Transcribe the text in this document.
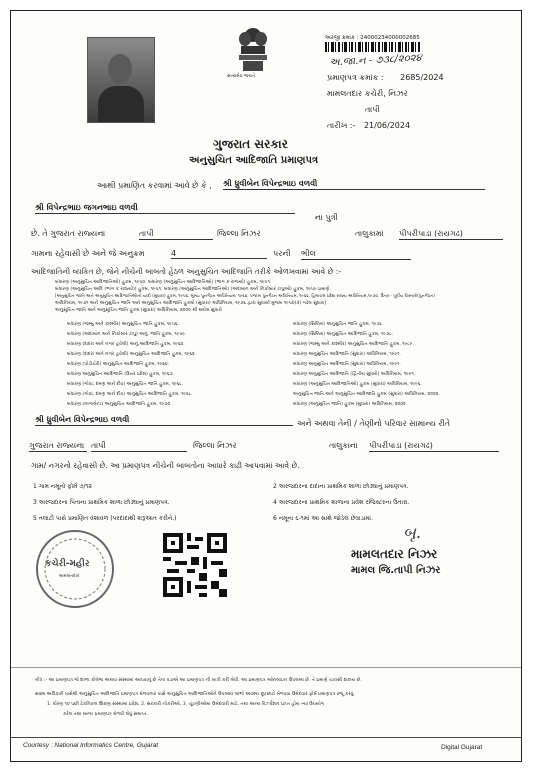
સત્યમેવ જયતે
અરજી ક્રમાંક : 24000234000002685
અ.જા.ન - ૭૩૮/૨૦૨૪
પ્રમાણપત્ર ક્રમાંક : 2685/2024
મામલતદાર કચેરી, નિઝર
તાપી
તારીખ :- 21/06/2024
ગુજરાત સરકાર
અનુસુચિત આદિજાતિ પ્રમાણપત્ર
આથી પ્રમાણિત કરવામાં આવે છે કે , શ્રી ધ્રુવીબેન વિપેન્દ્રભાઇ વળવી
શ્રી વિપેન્દ્રભાઇ જગનભાઇ વળવી
ના પુત્રી
છે. તે ગુજરાત રાજ્યના	તાપી	જિલ્લા નિઝર	તાલુકામાં પીપરીપાડા (રાયગઢ)
ગામના રહેવાસી છે અને જે અનુક્રમ	4	પરની ભીલ
આદિજાતિની વ્યકિત છે, જેને નીચેની બાબતો હેઠળ અનુસુચિત આદિજાતિ તરીકે ઓળખવામાં આવે છે :-
બંધારણ (અનુસુચિત આદિજાતિઓ) હુકમ, ૧૯૫૦. બંધારણ (અનુસુચિત આદિજાતિઓ) (ભાગ ક રાજયો) હુકમ, ૧૯૫૧.
બંધારણ (અનુસુચિત આદિ (ભાગ ક રાજ્યો)) હુકમ, ૧૯૫૧. બંધારણ (અનુસુચિત આદિજાતિઓ) (અંદામાન અને નિકોબાર ટાપુઓ) હુકમ, ૧૯૫૯ પ્રમાણે.
[અનુસુચિત જાતિ અને અનુસુચિત આદિજાતિઓની યાદી (સુધારા) હુકમ, ૧૯૫૬, મુંબઇ પુનર્ગઠન અધિનિયમ, ૧૯૬૦, પંજાબ પુનર્ગઠન અધિનિયમ, ૧૯૬૬, હિમાચલ પ્રદેશ રાજ્ય અધિનિયમ,૧૯૭૦, ઉત્તર - પૂર્વીય વિસ્તારો(પુનર્ગઠન)
અધિનિયમ, ૧૯૭૧ અને અનુસુચિત જાતિ અને અનુસુચિત આદિજાતિ હુકમો (સુધારા) અધિનિયમ, ૧૯૭૬ દ્વારા સુધાર્યા મુજબ ૧૯૫૦(4) ગઢેલ સુધારા]
અનુસૂચિત જાતિ અને અનુસૂચિત જાતિ હુકમ (સુધારા) અધિનિયમ, ૨૦૦૨ થી થયેલ સુધારો
બંધારણ (જમ્મુ અને કાશ્મીર) અનુસુચિત જાતિ હુકમ, ૧૯૫૬.
બંધારણ (અંદામાન અને નિકોબાર ટાપુ) અનુ. જાતિ હુકમ, ૧૯૫૯.
બંધારણ (દાદરા અને નગર હવેલી) અનુ.આદિજાતિ હુકમ, ૧૯૬૨.
બંધારણ (દાદરા અને નગર હવેલી) અનુસુચિત આદિજાતિ હુકમ, ૧૯૬૨.
બંધારણ (પોંડીચેરી) અનુસુચિત આદિજાતિ હુકમ, ૧૯૬૪.
બંધારણ અનુસુચિત આદિજાતિ (ઉત્તર પ્રદેશ) હુકમ, ૧૯૬૭.
બંધારણ (ગોવા, દમણ અને દીવ) અનુસુચિત જાતિ હુકમ, ૧૯૬૮.
બંધારણ (ગોવા, દમણ અને દીવ) અનુસુચિત આદિજાતિ હુકમ, ૧૯૬૮.
બંધારણ (નાગાલેન્ડ) અનુસુચિત આદિજાતિ હુકમ, ૧૯૭૦.
બંધારણ (સિક્કિમ) અનુસુચિત જાતિ હુકમ, ૧૯૭૮.
બંધારણ (સિક્કિમ) અનુસુચિત આદિજાતિ હુકમ, ૧૯૭૮.
બંધારણ (જમ્મુ અને કાશ્મીર) અનુસુચિત આદિજાતિ હુકમ, ૧૯૮૯.
બંધારણ અનુસુચિત આદિજાતિ (સુધારા) અધિનિયમ, ૧૯૯૧.
બંધારણ અનુસુચિત આદિજાતિ (સુધારા) અધિનિયમ, ૧૯૯૧.
બંધારણ અનુસુચિત આદિજાતિ (દ્વિતીય સુધારો) અધિનિયમ, ૧૯૯૧.
બંધારણ (અનુસુચિત આદિજાતિઓ) હુકમ (સુધારા) અધિનિયમ, ૧૯૯૬.
અનુસુચિત જાતિ અને અનુસુચિત આદિજાતિ હુકમ (સુધારા) અધિનિયમ, ૨૦૦૨.
બંધારણ (અનુસુચિત જાતિ) હુકમ (સુધારા) અધિનિયમ, ૨૦૦૨.
શ્રી ધ્રુવીબેન વિપેન્દ્રભાઇ વળવી	અને અથવા તેની / તેણીનો પરિવાર સામાન્ય રીતે
ગુજરાત રાજ્યના તાપી	જિલ્લા નિઝર	તાલુકાના પીપરીપાડા (રાયગઢ)
ગામ/ નગરનો રહેવાસી છે. આ પ્રમાણપત્ર નીચેની બાબતોના આધારે કાઢી આપવામાં આવે છે.
1 ગામ નમૂનો ફોર્મ ૭/૧૨	2 અરજદારના દાદાના પ્રાથમિક શાળા છોડ્યાનું પ્રમાણપત્ર.
3 અરજદારના પિતાના પ્રાથમિક શાળા છોડ્યાનું પ્રમાણપત્ર.	4 અરજદારના પ્રાથમિક શાળાના પ્રવેશ રજિસ્ટરના ઉતારા.
5 તલાટી પાસે પ્રમાણિત વંશાવળ (પરદાદાથી શરૂઆત કરીને.)	6 નમૂના ૬-૧માં આ સાથે જોડેલ છેવાડામાં.
કચેરી-મહીર
મામલતદાર
બૃ.
મામલતદાર નિઝર
મામલ જિ.તાપી નિઝર
નોંધ :- આ પ્રમાણપત્ર જે શાળા કોલેજ અથવા સંસ્થામાં આપવાનું છે તેના વડાએ આ પ્રમાણપત્ર ની ખાત્રી કરી લેવી. આ પ્રમાણપત્ર ઓનલાઇન ઉપલબ્ધ છે. તે પ્રમાણે ચકાસી શકાય છે.
સક્ષમ અધિકારી પાસેથી અનુસુચિત આદિજાતિ પ્રમાણપત્ર મેળવનાર પાસે અનુસુચિત આદિજાતિઓને ઉપલબ્ધ લાભો અવશ્ય છૂટછાટો મેળવવા ઉમેદવાર ફોર્મ પ્રમાણપત્ર રજૂ કરવું.
1. ધોરણ ૧૦ પછી ટેકનિકલ શિક્ષણ સંસ્થામાં પ્રવેશ, 2. સરકારી નોકરીઓ, 3. ચૂંટણીઓમાં ઉમેદવારી માટે, તથા અન્ય રિઝર્વેશન પ્રાપ્ત હોય ત્યાં ઉપયોગ
કરેલ તથા માન્ય પ્રમાણપત્ર મેળવી લેવું સમાપ્ત.
Courtesy : National Informatics Centre, Gujarat	Digital Gujarat
